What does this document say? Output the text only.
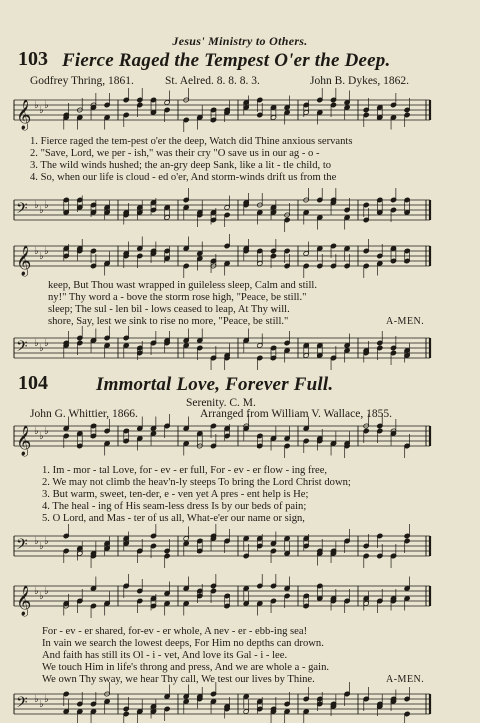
Jesus' Ministry to Others.
103 Fierce Raged the Tempest O'er the Deep.
Godfrey Thring, 1861.	St. Aelred. 8. 8. 8. 3.	John B. Dykes, 1862.
𝄞 ♭ ♭ ♭
1. Fierce raged the tem-pest o'er the deep, Watch did Thine anxious servants
2. "Save, Lord, we per - ish," was their cry "O save us in our ag - o -
3. The wild winds hushed; the an-gry deep Sank, like a lit - tle child, to
4. So, when our life is cloud - ed o'er, And storm-winds drift us from the
𝄢 ♭ ♭ ♭
𝄞 ♭ ♭ ♭
keep, But Thou wast wrapped in guileless sleep, Calm and still.
ny!" Thy word a - bove the storm rose high, "Peace, be still."
sleep; The sul - len bil - lows ceased to leap, At Thy will.
shore, Say, lest we sink to rise no more, "Peace, be still."	A-MEN.
𝄢 ♭ ♭ ♭
104	Immortal Love, Forever Full.
Serenity. C. M.
John G. Whittier, 1866.	Arranged from William V. Wallace, 1855.
𝄞 ♭ ♭ ♭
1. Im - mor - tal Love, for - ev - er full, For - ev - er flow - ing free,
2. We may not climb the heav'n-ly steeps To bring the Lord Christ down;
3. But warm, sweet, ten-der, e - ven yet A pres - ent help is He;
4. The heal - ing of His seam-less dress Is by our beds of pain;
5. O Lord, and Mas - ter of us all, What-e'er our name or sign,
𝄢 ♭ ♭ ♭
𝄞 ♭ ♭ ♭
For - ev - er shared, for-ev - er whole, A nev - er - ebb-ing sea!
In vain we search the lowest deeps, For Him no depths can drown.
And faith has still its Ol - i - vet, And love its Gal - i - lee.
We touch Him in life's throng and press, And we are whole a - gain.
We own Thy sway, we hear Thy call, We test our lives by Thine.	A-MEN.
𝄢 ♭ ♭ ♭
